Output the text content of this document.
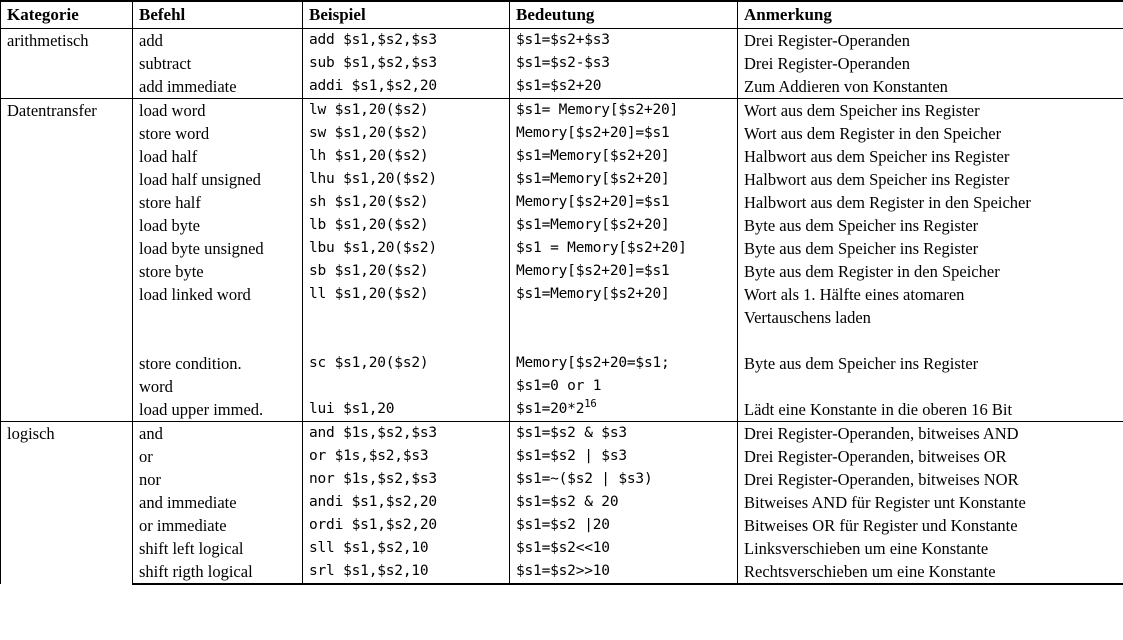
Kategorie	Befehl	Beispiel	Bedeutung	Anmerkung
arithmetisch	add	add $s1,$s2,$s3	$s1=$s2+$s3	Drei Register-Operanden
	subtract	sub $s1,$s2,$s3	$s1=$s2-$s3	Drei Register-Operanden
	add immediate	addi $s1,$s2,20	$s1=$s2+20	Zum Addieren von Konstanten
Datentransfer	load word	lw $s1,20($s2)	$s1= Memory[$s2+20]	Wort aus dem Speicher ins Register
	store word	sw $s1,20($s2)	Memory[$s2+20]=$s1	Wort aus dem Register in den Speicher
	load half	lh $s1,20($s2)	$s1=Memory[$s2+20]	Halbwort aus dem Speicher ins Register
	load half unsigned	lhu $s1,20($s2)	$s1=Memory[$s2+20]	Halbwort aus dem Speicher ins Register
	store half	sh $s1,20($s2)	Memory[$s2+20]=$s1	Halbwort aus dem Register in den Speicher
	load byte	lb $s1,20($s2)	$s1=Memory[$s2+20]	Byte aus dem Speicher ins Register
	load byte unsigned	lbu $s1,20($s2)	$s1 = Memory[$s2+20]	Byte aus dem Speicher ins Register
	store byte	sb $s1,20($s2)	Memory[$s2+20]=$s1	Byte aus dem Register in den Speicher
	load linked word	ll $s1,20($s2)	$s1=Memory[$s2+20]	Wort als 1. Hälfte eines atomaren
				Vertauschens laden

	store condition.	sc $s1,20($s2)	Memory[$s2+20=$s1;	Byte aus dem Speicher ins Register
	word		$s1=0 or 1	
	load upper immed.	lui $s1,20	$\$s1=20*2^{16}$	Lädt eine Konstante in die oberen 16 Bit
logisch	and	and $1s,$s2,$s3	$s1=$s2 & $s3	Drei Register-Operanden, bitweises AND
	or	or $1s,$s2,$s3	$s1=$s2 | $s3	Drei Register-Operanden, bitweises OR
	nor	nor $1s,$s2,$s3	$s1=~($s2 | $s3)	Drei Register-Operanden, bitweises NOR
	and immediate	andi $s1,$s2,20	$s1=$s2 & 20	Bitweises AND für Register unt Konstante
	or immediate	ordi $s1,$s2,20	$s1=$s2 |20	Bitweises OR für Register und Konstante
	shift left logical	sll $s1,$s2,10	$s1=$s2<<10	Linksverschieben um eine Konstante
	shift rigth logical	srl $s1,$s2,10	$s1=$s2>>10	Rechtsverschieben um eine Konstante
